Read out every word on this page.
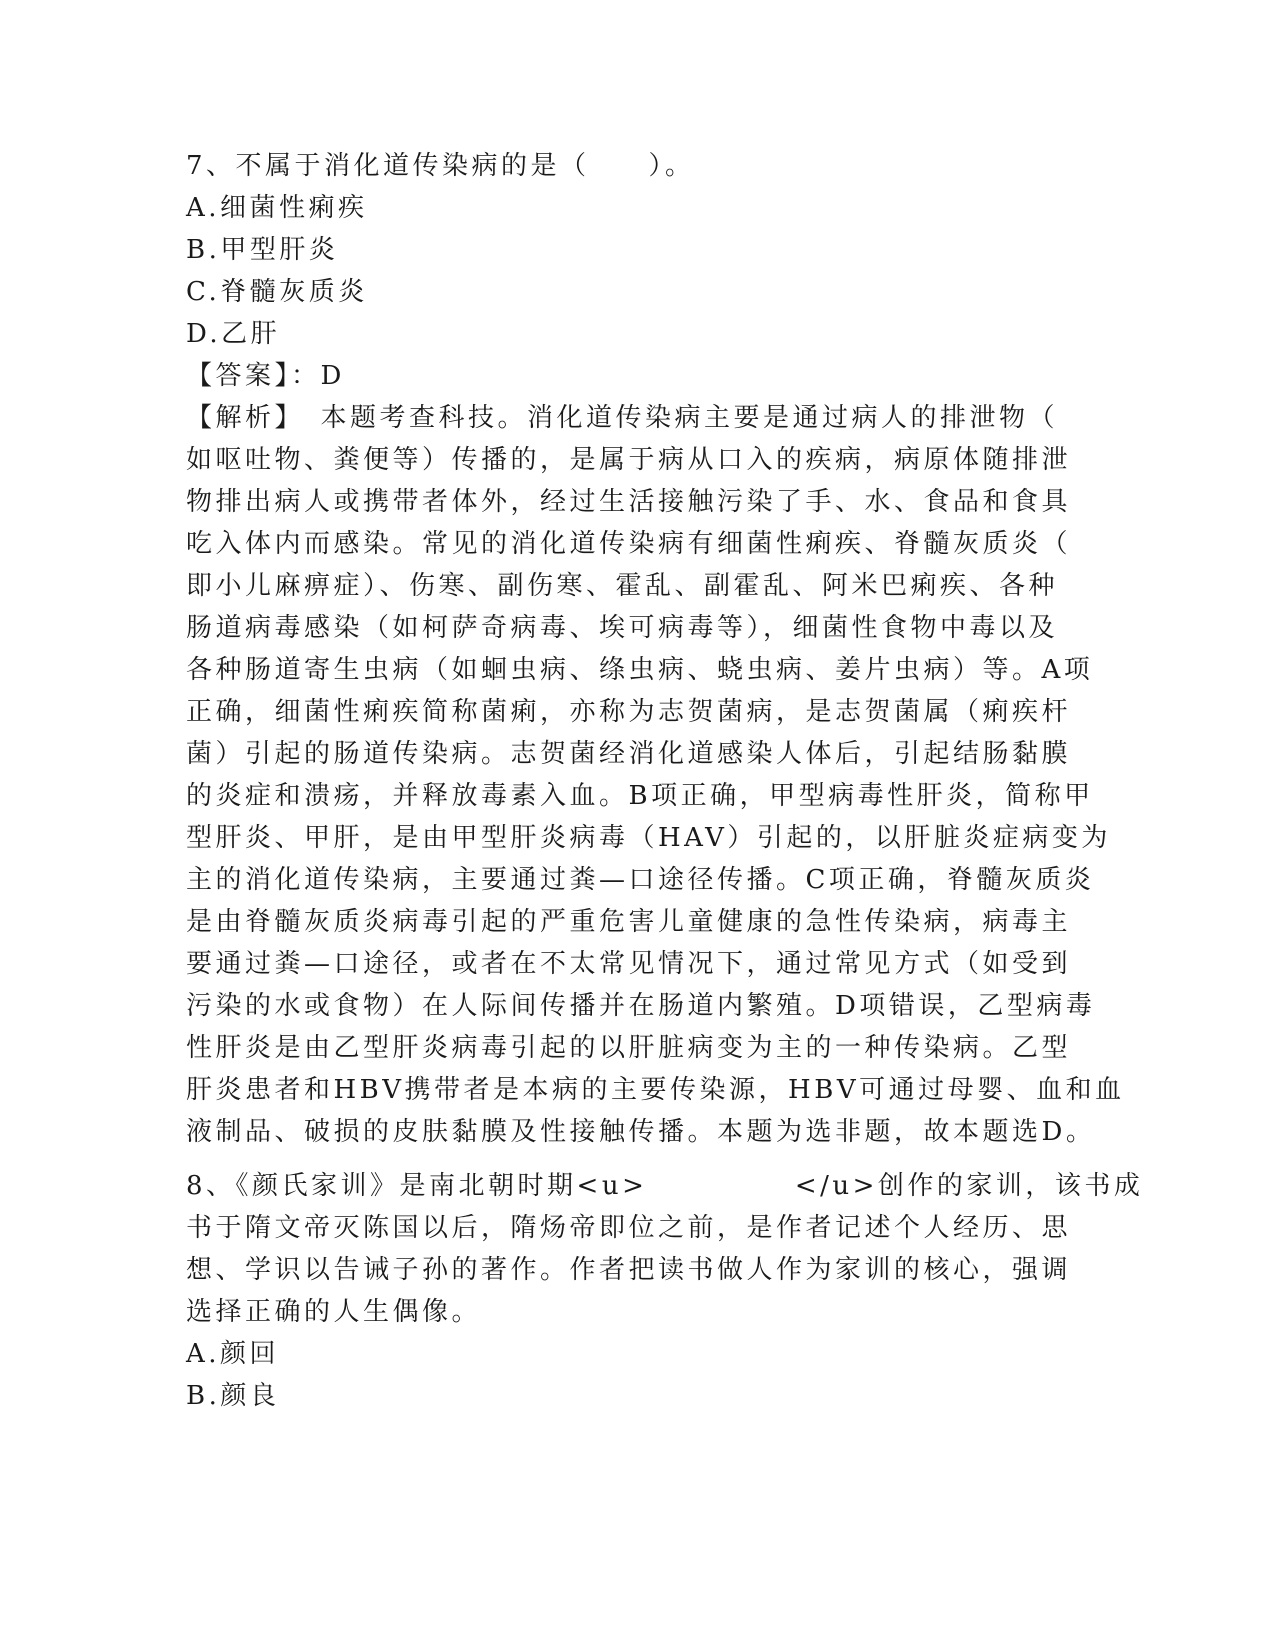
7、不属于消化道传染病的是（　　）。
A.细菌性痢疾
B.甲型肝炎
C.脊髓灰质炎
D.乙肝
【答案】：D
【解析】　本题考查科技。消化道传染病主要是通过病人的排泄物（
如呕吐物、粪便等）传播的，是属于病从口入的疾病，病原体随排泄
物排出病人或携带者体外，经过生活接触污染了手、水、食品和食具
吃入体内而感染。常见的消化道传染病有细菌性痢疾、脊髓灰质炎（
即小儿麻痹症）、伤寒、副伤寒、霍乱、副霍乱、阿米巴痢疾、各种
肠道病毒感染（如柯萨奇病毒、埃可病毒等），细菌性食物中毒以及
各种肠道寄生虫病（如蛔虫病、绦虫病、蛲虫病、姜片虫病）等。A项
正确，细菌性痢疾简称菌痢，亦称为志贺菌病，是志贺菌属（痢疾杆
菌）引起的肠道传染病。志贺菌经消化道感染人体后，引起结肠黏膜
的炎症和溃疡，并释放毒素入血。B项正确，甲型病毒性肝炎，简称甲
型肝炎、甲肝，是由甲型肝炎病毒（HAV）引起的，以肝脏炎症病变为
主的消化道传染病，主要通过粪—口途径传播。C项正确，脊髓灰质炎
是由脊髓灰质炎病毒引起的严重危害儿童健康的急性传染病，病毒主
要通过粪—口途径，或者在不太常见情况下，通过常见方式（如受到
污染的水或食物）在人际间传播并在肠道内繁殖。D项错误，乙型病毒
性肝炎是由乙型肝炎病毒引起的以肝脏病变为主的一种传染病。乙型
肝炎患者和HBV携带者是本病的主要传染源，HBV可通过母婴、血和血
液制品、破损的皮肤黏膜及性接触传播。本题为选非题，故本题选D。
8、《颜氏家训》是南北朝时期<u>　　　　　</u>创作的家训，该书成
书于隋文帝灭陈国以后，隋炀帝即位之前，是作者记述个人经历、思
想、学识以告诫子孙的著作。作者把读书做人作为家训的核心，强调
选择正确的人生偶像。
A.颜回
B.颜良
